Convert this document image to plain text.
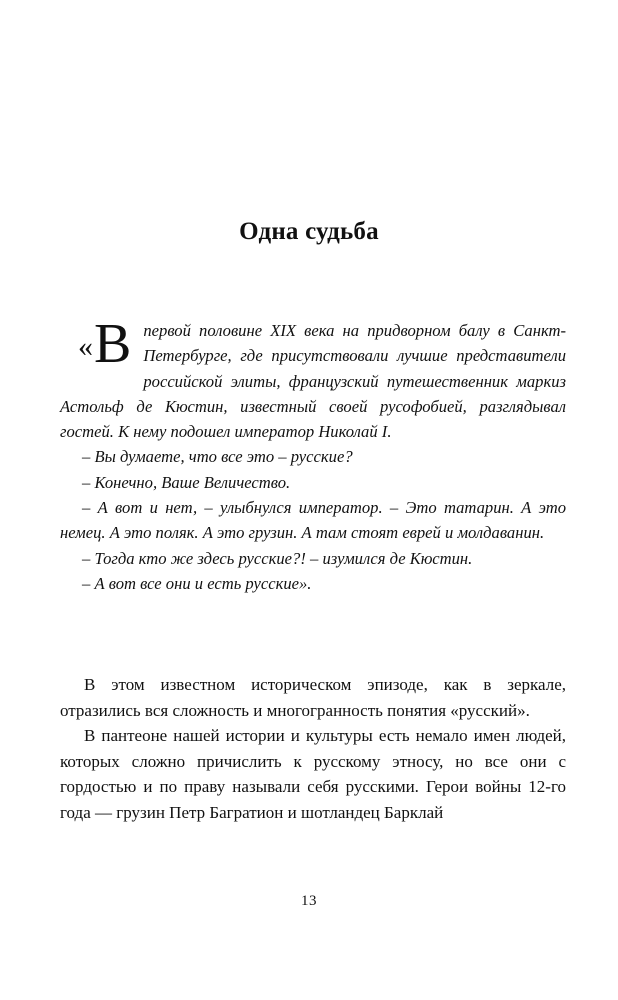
Одна судьба

«В первой половине XIX века на придворном балу в Санкт-Петербурге, где присутствовали лучшие представители российской элиты, французский путешественник маркиз Астольф де Кюстин, известный своей русофобией, разглядывал гостей. К нему подошел император Николай I.

– Вы думаете, что все это – русские?

– Конечно, Ваше Величество.

– А вот и нет, – улыбнулся император. – Это татарин. А это немец. А это поляк. А это грузин. А там стоят еврей и молдаванин.

– Тогда кто же здесь русские?! – изумился де Кюстин.

– А вот все они и есть русские».

В этом известном историческом эпизоде, как в зеркале, отразились вся сложность и многогранность понятия «русский».

В пантеоне нашей истории и культуры есть немало имен людей, которых сложно причислить к русскому этносу, но все они с гордостью и по праву называли себя русскими. Герои войны 12-го года — грузин Петр Багратион и шотландец Барклай

13
